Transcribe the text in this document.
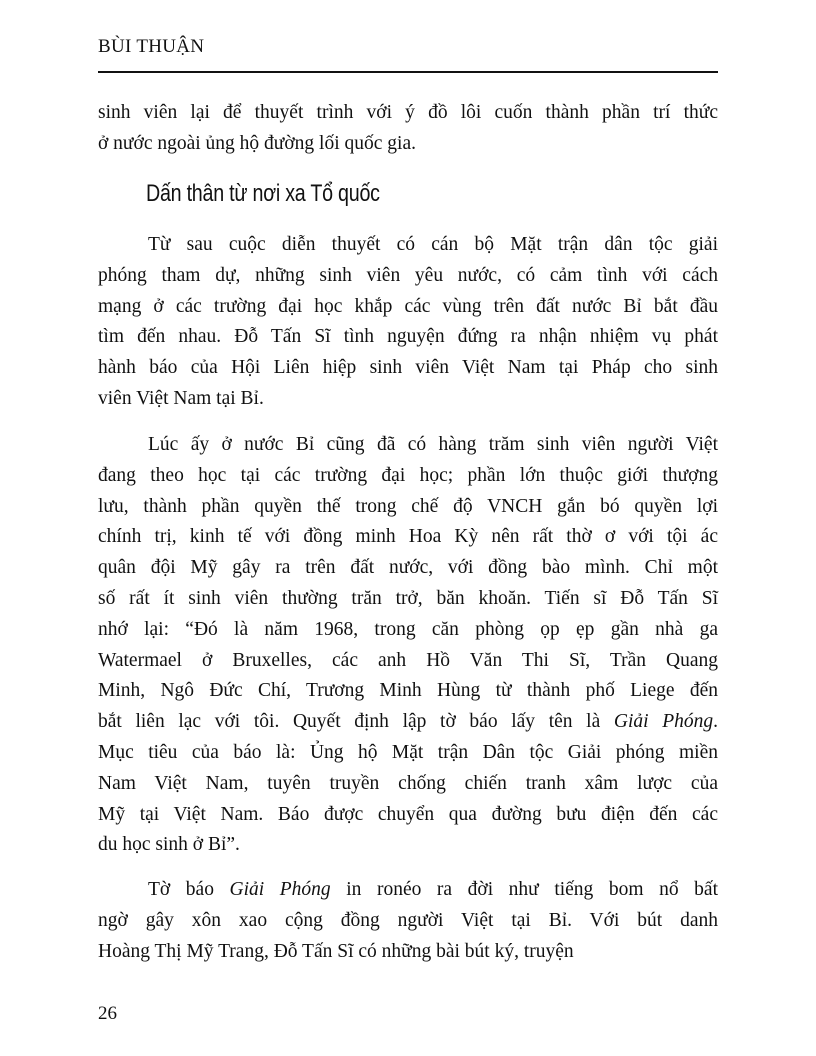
BÙI THUẬN
sinh viên lại để thuyết trình với ý đồ lôi cuốn thành phần trí thức
ở nước ngoài ủng hộ đường lối quốc gia.
Dấn thân từ nơi xa Tổ quốc
Từ sau cuộc diễn thuyết có cán bộ Mặt trận dân tộc giải
phóng tham dự, những sinh viên yêu nước, có cảm tình với cách
mạng ở các trường đại học khắp các vùng trên đất nước Bỉ bắt đầu
tìm đến nhau. Đỗ Tấn Sĩ tình nguyện đứng ra nhận nhiệm vụ phát
hành báo của Hội Liên hiệp sinh viên Việt Nam tại Pháp cho sinh
viên Việt Nam tại Bỉ.
Lúc ấy ở nước Bỉ cũng đã có hàng trăm sinh viên người Việt
đang theo học tại các trường đại học; phần lớn thuộc giới thượng
lưu, thành phần quyền thế trong chế độ VNCH gắn bó quyền lợi
chính trị, kinh tế với đồng minh Hoa Kỳ nên rất thờ ơ với tội ác
quân đội Mỹ gây ra trên đất nước, với đồng bào mình. Chỉ một
số rất ít sinh viên thường trăn trở, băn khoăn. Tiến sĩ Đỗ Tấn Sĩ
nhớ lại: “Đó là năm 1968, trong căn phòng ọp ẹp gần nhà ga
Watermael ở Bruxelles, các anh Hồ Văn Thi Sĩ, Trần Quang
Minh, Ngô Đức Chí, Trương Minh Hùng từ thành phố Liege đến
bắt liên lạc với tôi. Quyết định lập tờ báo lấy tên là Giải Phóng.
Mục tiêu của báo là: Ủng hộ Mặt trận Dân tộc Giải phóng miền
Nam Việt Nam, tuyên truyền chống chiến tranh xâm lược của
Mỹ tại Việt Nam. Báo được chuyển qua đường bưu điện đến các
du học sinh ở Bỉ”.
Tờ báo Giải Phóng in ronéo ra đời như tiếng bom nổ bất
ngờ gây xôn xao cộng đồng người Việt tại Bỉ. Với bút danh
Hoàng Thị Mỹ Trang, Đỗ Tấn Sĩ có những bài bút ký, truyện
26
